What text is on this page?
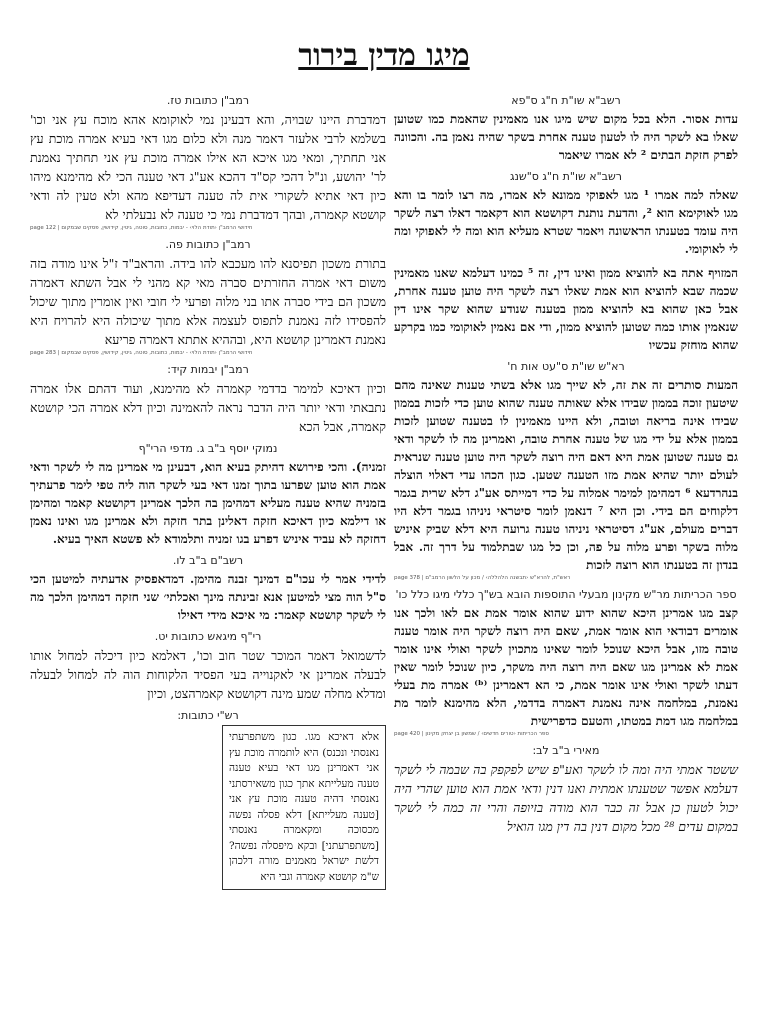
מיגו מדין בירור
רשב"א שו"ת ח"ג ס"פא

עדות אסור. הלא בכל מקום שיש מיגו אנו מאמינין שהאמת כמו שטוען שאלו בא לשקר היה לו לטעון טענה אחרת בשקר שהיה נאמן בה. והכוונה לפרק חזקת הבתים ² לא אמרו שיאמר

רשב"א שו"ת ח"ג ס"שנג

שאלה למה אמרו ¹ מגו לאפוקי ממונא לא אמרו, מה רצו לומר בו והא מגו לאוקימא הוא ², והדעת נותנת דקושטא הוא דקאמר דאלו רצה לשקר היה עומד בטענתו הראשונה ויאמר שטרא מעליא הוא ומה לי לאפוקי ומה לי לאוקומי.

המזויף אתה בא להוציא ממון ואינו דין, זה ⁵ כמינו דעלמא שאנו מאמינין שכמה שבא להוציא הוא אמת שאלו רצה לשקר היה טוען טענה אחרת, אבל כאן שהוא בא להוציא ממון בטענה שנודע שהוא שקר אינו דין שנאמין אותו כמה שטוען להוציא ממון, ודי אם נאמין לאוקומי כמו בקרקע שהוא מוחזק עכשיו

רא"ש שו"ת ס"עט אות ח'

המעות סותרים זה את זה, לא שייך מגו אלא בשתי טענות שאינה מהם שיטעון זוכה בממון שבידו אלא שאותה טענה שהוא טוען כדי לזכות בממון שבידו אינה בריאה וטובה, ולא היינו מאמינין לו בטענה שטוען לזכות בממון אלא על ידי מגו של טענה אחרת טובה, ואמרינן מה לו לשקר ודאי גם טענה שטוען אמת היא דאם היה רוצה לשקר היה טוען טענה שנראית לעולם יותר שהיא אמת מזו הטענה שטען. כגון הכהו עדי דאלוי הוצלה בנהרדעא ⁶ דמהימן למימר אמלוה על כדי דמייתס אע"ג דלא שרית בגמר דלקוחים הם בידי. וכן היא ⁷ דנאמן לומר סיטראי ניניהו בגמר דלא היו דברים מעולם, אע"ג דסיטראי ניניהו טענה גרועה היא דלא שביק איניש מלוה בשקר ופרע מלוה על פה, וכן כל מגו שבתלמוד על דרך זה. אבל בנדון זה בטענתו הוא רוצה לזכות

page 378 | ראש"ת, להרא"ש ‹תבשנה הלהללה› / מכון על הלשון הרמב"ם
ספר הכריתות מר"ש מקינון מבעלי התוספות הובא בש"ך כללי מיגו כלל כו'

קצב מגו אמרינן היכא שהוא ידוע שהוא אומר אמת אם לאו ולכך אנו אומרים דבודאי הוא אומר אמת, שאם היה רוצה לשקר היה אומר טענה טובה מזו, אבל היכא שנוכל לומר שאינו מתכוין לשקר ואולי אינו אומר אמת לא אמרינן מגו שאם היה רוצה היה משקר, כיון שנוכל לומר שאין דעתו לשקר ואולי אינו אומר אמת, כי הא דאמרינן ⁽ᵇ⁾ אמרה מת בעלי נאמנת, במלחמה אינה נאמנת דאמרה בדדמי, הלא מהימנא לומר מת במלחמה מגו דמת במטתו, והטעם כדפרישית

page 420 | ספר הכריתות ‹טורים חדשים› / שמשון בן יצחק מקינון
מאירי ב"ב לב:

ששטר אמתי היה ומה לו לשקר ואע"פ שיש לפקפק בה שבמה לי לשקר דעלמא אפשר שטענתו אמתית ואנו דנין ודאי אמת הוא טוען שהרי היה יכול לטעון כן אבל זה כבר הוא מודה בזיופה והרי זה כמה לי לשקר במקום עדים ²⁸ מכל מקום דנין בה דין מגו הואיל

רמב"ן כתובות טז.

דמדברת היינו שבויה, והא דבעינן נמי לאוקומא אהא מוכח עץ אני וכו' בשלמא לרבי אלעזר דאמר מנה ולא כלום מגו דאי בעיא אמרה מוכת עץ אני תחתיך, ומאי מגו איכא הא אילו אמרה מוכת עץ אני תחתיך נאמנת לר' יהושע, ונ"ל דהכי קס"ד דהכא אע"ג דאי טענה הכי לא מהימנא מיהו כיון דאי אתיא לשקורי אית לה טענה דעדיפא מהא ולא טעין לה ודאי קושטא קאמרה, ובהך דמדברת נמי כי טענה לא נבעלתי לא

page 122 | חידושי הרמב"ן ‹תודת הלוי› - יבמות, כתובות, סוטה, גיטין, קידושין, פסקים שבמקום
רמב"ן כתובות פה.

בתורת משכון תפיסנא להו מעכבא להו בידה. והראב"ד ז"ל אינו מודה בזה משום דאי אמרה החזרתים סברה מאי קא מהני לי אבל השתא דאמרה משכון הם בידי סברה אתו בני מלוה ופרעי לי חובי ואין אומרין מתוך שיכול להפסידו לזה נאמנת לתפוס לעצמה אלא מתוך שיכולה היא להרויח היא נאמנת דאמרינן קושטא היא, ובההיא אתתא דאמרה פריעא

page 283 | חידושי הרמב"ן ‹תודת הלוי› - יבמות, כתובות, סוטה, גיטין, קידושין, פסקים שבמקום
רמב"ן יבמות קיד:

וכיון דאיכא למימר בדדמי קאמרה לא מהימנא, ועוד דהתם אלו אמרה נתבאתי ודאי יותר היה הדבר נראה להאמינה וכיון דלא אמרה הכי קושטא קאמרה, אבל הכא

נמוקי יוסף ב"ב ג. מדפי הרי"ף

זמניה). והכי פירושא דהיתק בעיא הוא, דבעינן מי אמרינן מה לי לשקר ודאי אמת הוא טוען שפרעו בתוך זמנו דאי בעי לשקר הוה ליה טפי לימר פרעתיך בזמניה שהיא טענה מעליא דמהימן בה הלכך אמרינן דקושטא קאמר ומהימן או דילמא כיון דאיכא חזקה דאלינן בתר חזקה ולא אמרינן מגו ואינו נאמן דחזקה לא עביד איניש דפרע בגו זמניה ותלמודא לא פשטא האיך בעיא.

רשב"ם ב"ב לו.

לדידי אמר לי עכו"ם דמינך זבנה מהימן. דמדאפסיק אדעתיה למיטען הכי ס"ל הוה מצי למיטען אנא זבינתה מינך ואכלתי׳ שני חזקה דמהימן הלכך מה לי לשקר קושטא קאמר: מי איכא מידי דאילו

רי"ף מיגאש כתובות יט.

לדשמואל דאמר המוכר שטר חוב וכו', דאלמא כיון דיכלה למחול אותו לבעלה אמרינן אי לאקנוייה בעי הפסיד הלקוחות הוה לה למחול לבעלה ומדלא מחלה שמע מינה דקושטא קאמרהצט, וכיון

רש"י כתובות:

אלא דאיכא מגו. כגון משתפרעתי נאנסתי ונכנס) היא לותמרה מוכת עץ אני דאמרינן מגו דאי בעיא טענה טענה מעלייתא אתך כגון משאירסתני נאנסתי דהיה טענה מוכת עץ אני [טענה מעלייתא] דלא פסלה נפשה מכסוכה ומקאמרה נאנסתי [משתפרעתני] ובקא מיפסלה נפשה? דלשת ישראל מאמנים מורה דלכהן ש"מ קושטא קאמרה וגבי היא
